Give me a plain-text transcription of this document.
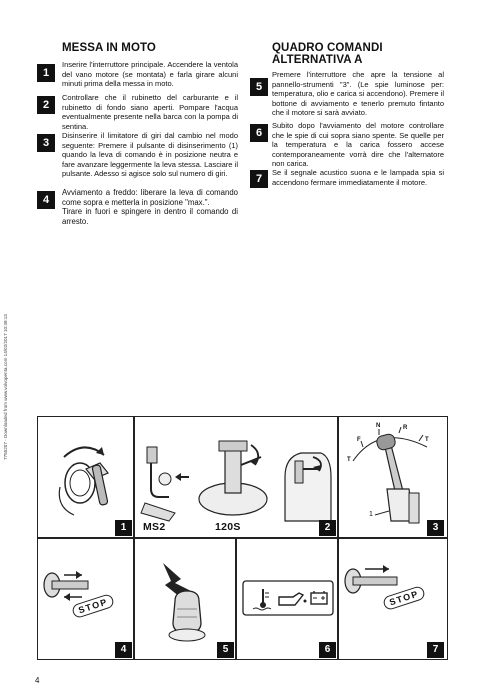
7755207 - Downloaded from www.volvopenta.com 14/02/2017 10:49:13
MESSA IN MOTO
1

Inserire l'interruttore principale. Accendere la ventola del vano motore (se montata) e farla girare alcuni minuti prima della messa in moto.

2

Controllare che il rubinetto del carburante e il rubinetto di fondo siano aperti. Pompare l'acqua eventualmente presente nella barca con la pompa di sentina.

3

Disinserire il limitatore di giri dal cambio nel modo seguente: Premere il pulsante di disinserimento (1) quando la leva di comando è in posizione neutra e fare avanzare leggermente la leva stessa. Lasciare il pulsante. Adesso si agisce solo sul numero di giri.

4

Avviamento a freddo: liberare la leva di comando come sopra e metterla in posizione "max.".

Tirare in fuori e spingere in dentro il comando di arresto.

QUADRO COMANDI
ALTERNATIVA A
5

Premere l'interruttore che apre la tensione al pannello-strumenti "3". (Le spie luminose per: temperatura, olio e carica si accendono). Premere il bottone di avviamento e tenerlo premuto fintanto che il motore si sarà avviato.

6

Subito dopo l'avviamento del motore controllare che le spie di cui sopra siano spente. Se quelle per la temperatura e la carica fossero accese contemporaneamente vorrà dire che l'alternatore non carica.

7

Se il segnale acustico suona e le lampada spia si accendono fermare immediatamente il motore.

1	MS2	120S	2
T
F
N	R
T
1
3
STOP
4	5	6
STOP
7
4
